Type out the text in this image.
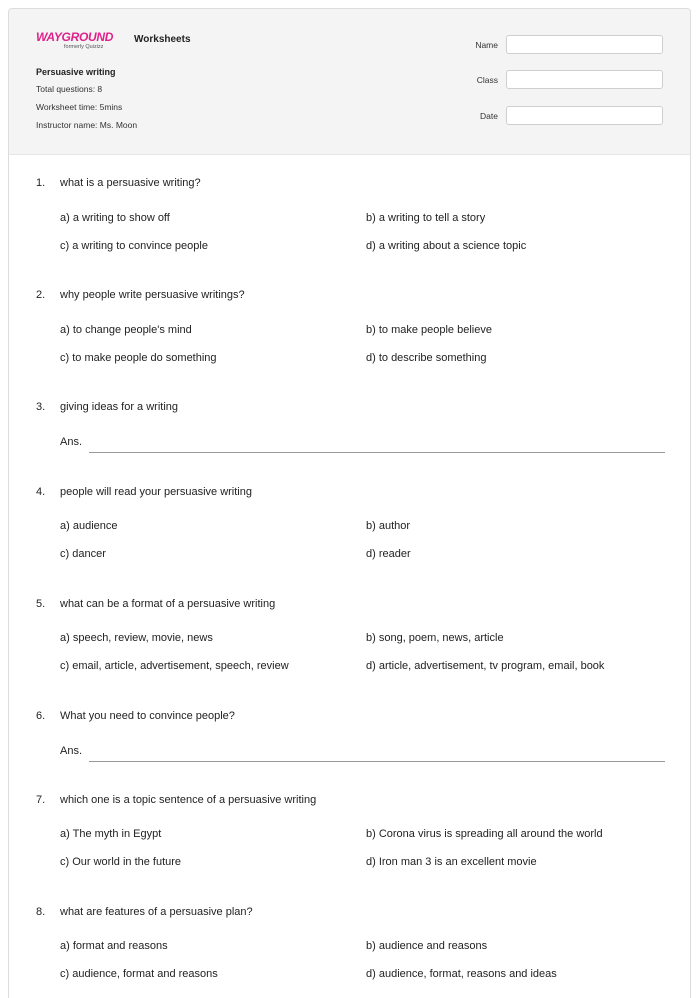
WAYGROUND
formerly Quizizz
Worksheets
Persuasive writing
Total questions: 8
Worksheet time: 5mins
Instructor name: Ms. Moon
Name
Class
Date
1. what is a persuasive writing?
a) a writing to show off	b) a writing to tell a story
c) a writing to convince people	d) a writing about a science topic
2. why people write persuasive writings?
a) to change people's mind	b) to make people believe
c) to make people do something	d) to describe something
3. giving ideas for a writing
Ans.
4. people will read your persuasive writing
a) audience	b) author
c) dancer	d) reader
5. what can be a format of a persuasive writing
a) speech, review, movie, news	b) song, poem, news, article
c) email, article, advertisement, speech, review	d) article, advertisement, tv program, email, book
6. What you need to convince people?
Ans.
7. which one is a topic sentence of a persuasive writing
a) The myth in Egypt	b) Corona virus is spreading all around the world
c) Our world in the future	d) Iron man 3 is an excellent movie
8. what are features of a persuasive plan?
a) format and reasons	b) audience and reasons
c) audience, format and reasons	d) audience, format, reasons and ideas
